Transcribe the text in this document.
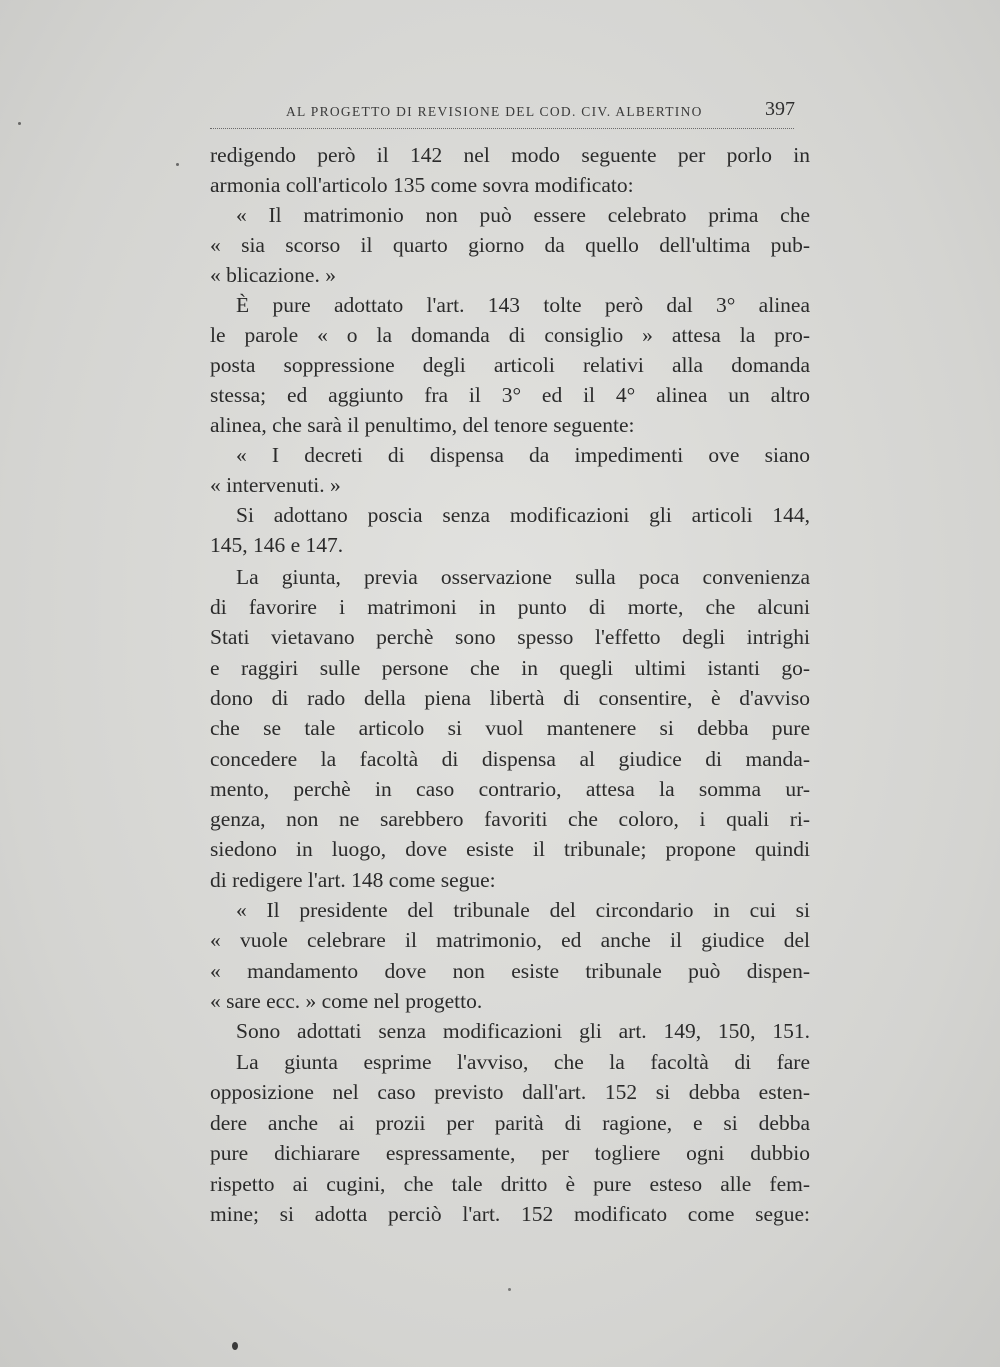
AL PROGETTO DI REVISIONE DEL COD. CIV. ALBERTINO	397
redigendo però il 142 nel modo seguente per porlo in
armonia coll'articolo 135 come sovra modificato:
« Il matrimonio non può essere celebrato prima che
« sia scorso il quarto giorno da quello dell'ultima pub-
« blicazione. »
È pure adottato l'art. 143 tolte però dal 3° alinea
le parole « o la domanda di consiglio » attesa la pro-
posta soppressione degli articoli relativi alla domanda
stessa; ed aggiunto fra il 3° ed il 4° alinea un altro
alinea, che sarà il penultimo, del tenore seguente:
« I decreti di dispensa da impedimenti ove siano
« intervenuti. »
Si adottano poscia senza modificazioni gli articoli 144,
145, 146 e 147.
La giunta, previa osservazione sulla poca convenienza
di favorire i matrimoni in punto di morte, che alcuni
Stati vietavano perchè sono spesso l'effetto degli intrighi
e raggiri sulle persone che in quegli ultimi istanti go-
dono di rado della piena libertà di consentire, è d'avviso
che se tale articolo si vuol mantenere si debba pure
concedere la facoltà di dispensa al giudice di manda-
mento, perchè in caso contrario, attesa la somma ur-
genza, non ne sarebbero favoriti che coloro, i quali ri-
siedono in luogo, dove esiste il tribunale; propone quindi
di redigere l'art. 148 come segue:
« Il presidente del tribunale del circondario in cui si
« vuole celebrare il matrimonio, ed anche il giudice del
« mandamento dove non esiste tribunale può dispen-
« sare ecc. » come nel progetto.
Sono adottati senza modificazioni gli art. 149, 150, 151.
La giunta esprime l'avviso, che la facoltà di fare
opposizione nel caso previsto dall'art. 152 si debba esten-
dere anche ai prozii per parità di ragione, e si debba
pure dichiarare espressamente, per togliere ogni dubbio
rispetto ai cugini, che tale dritto è pure esteso alle fem-
mine; si adotta perciò l'art. 152 modificato come segue:
